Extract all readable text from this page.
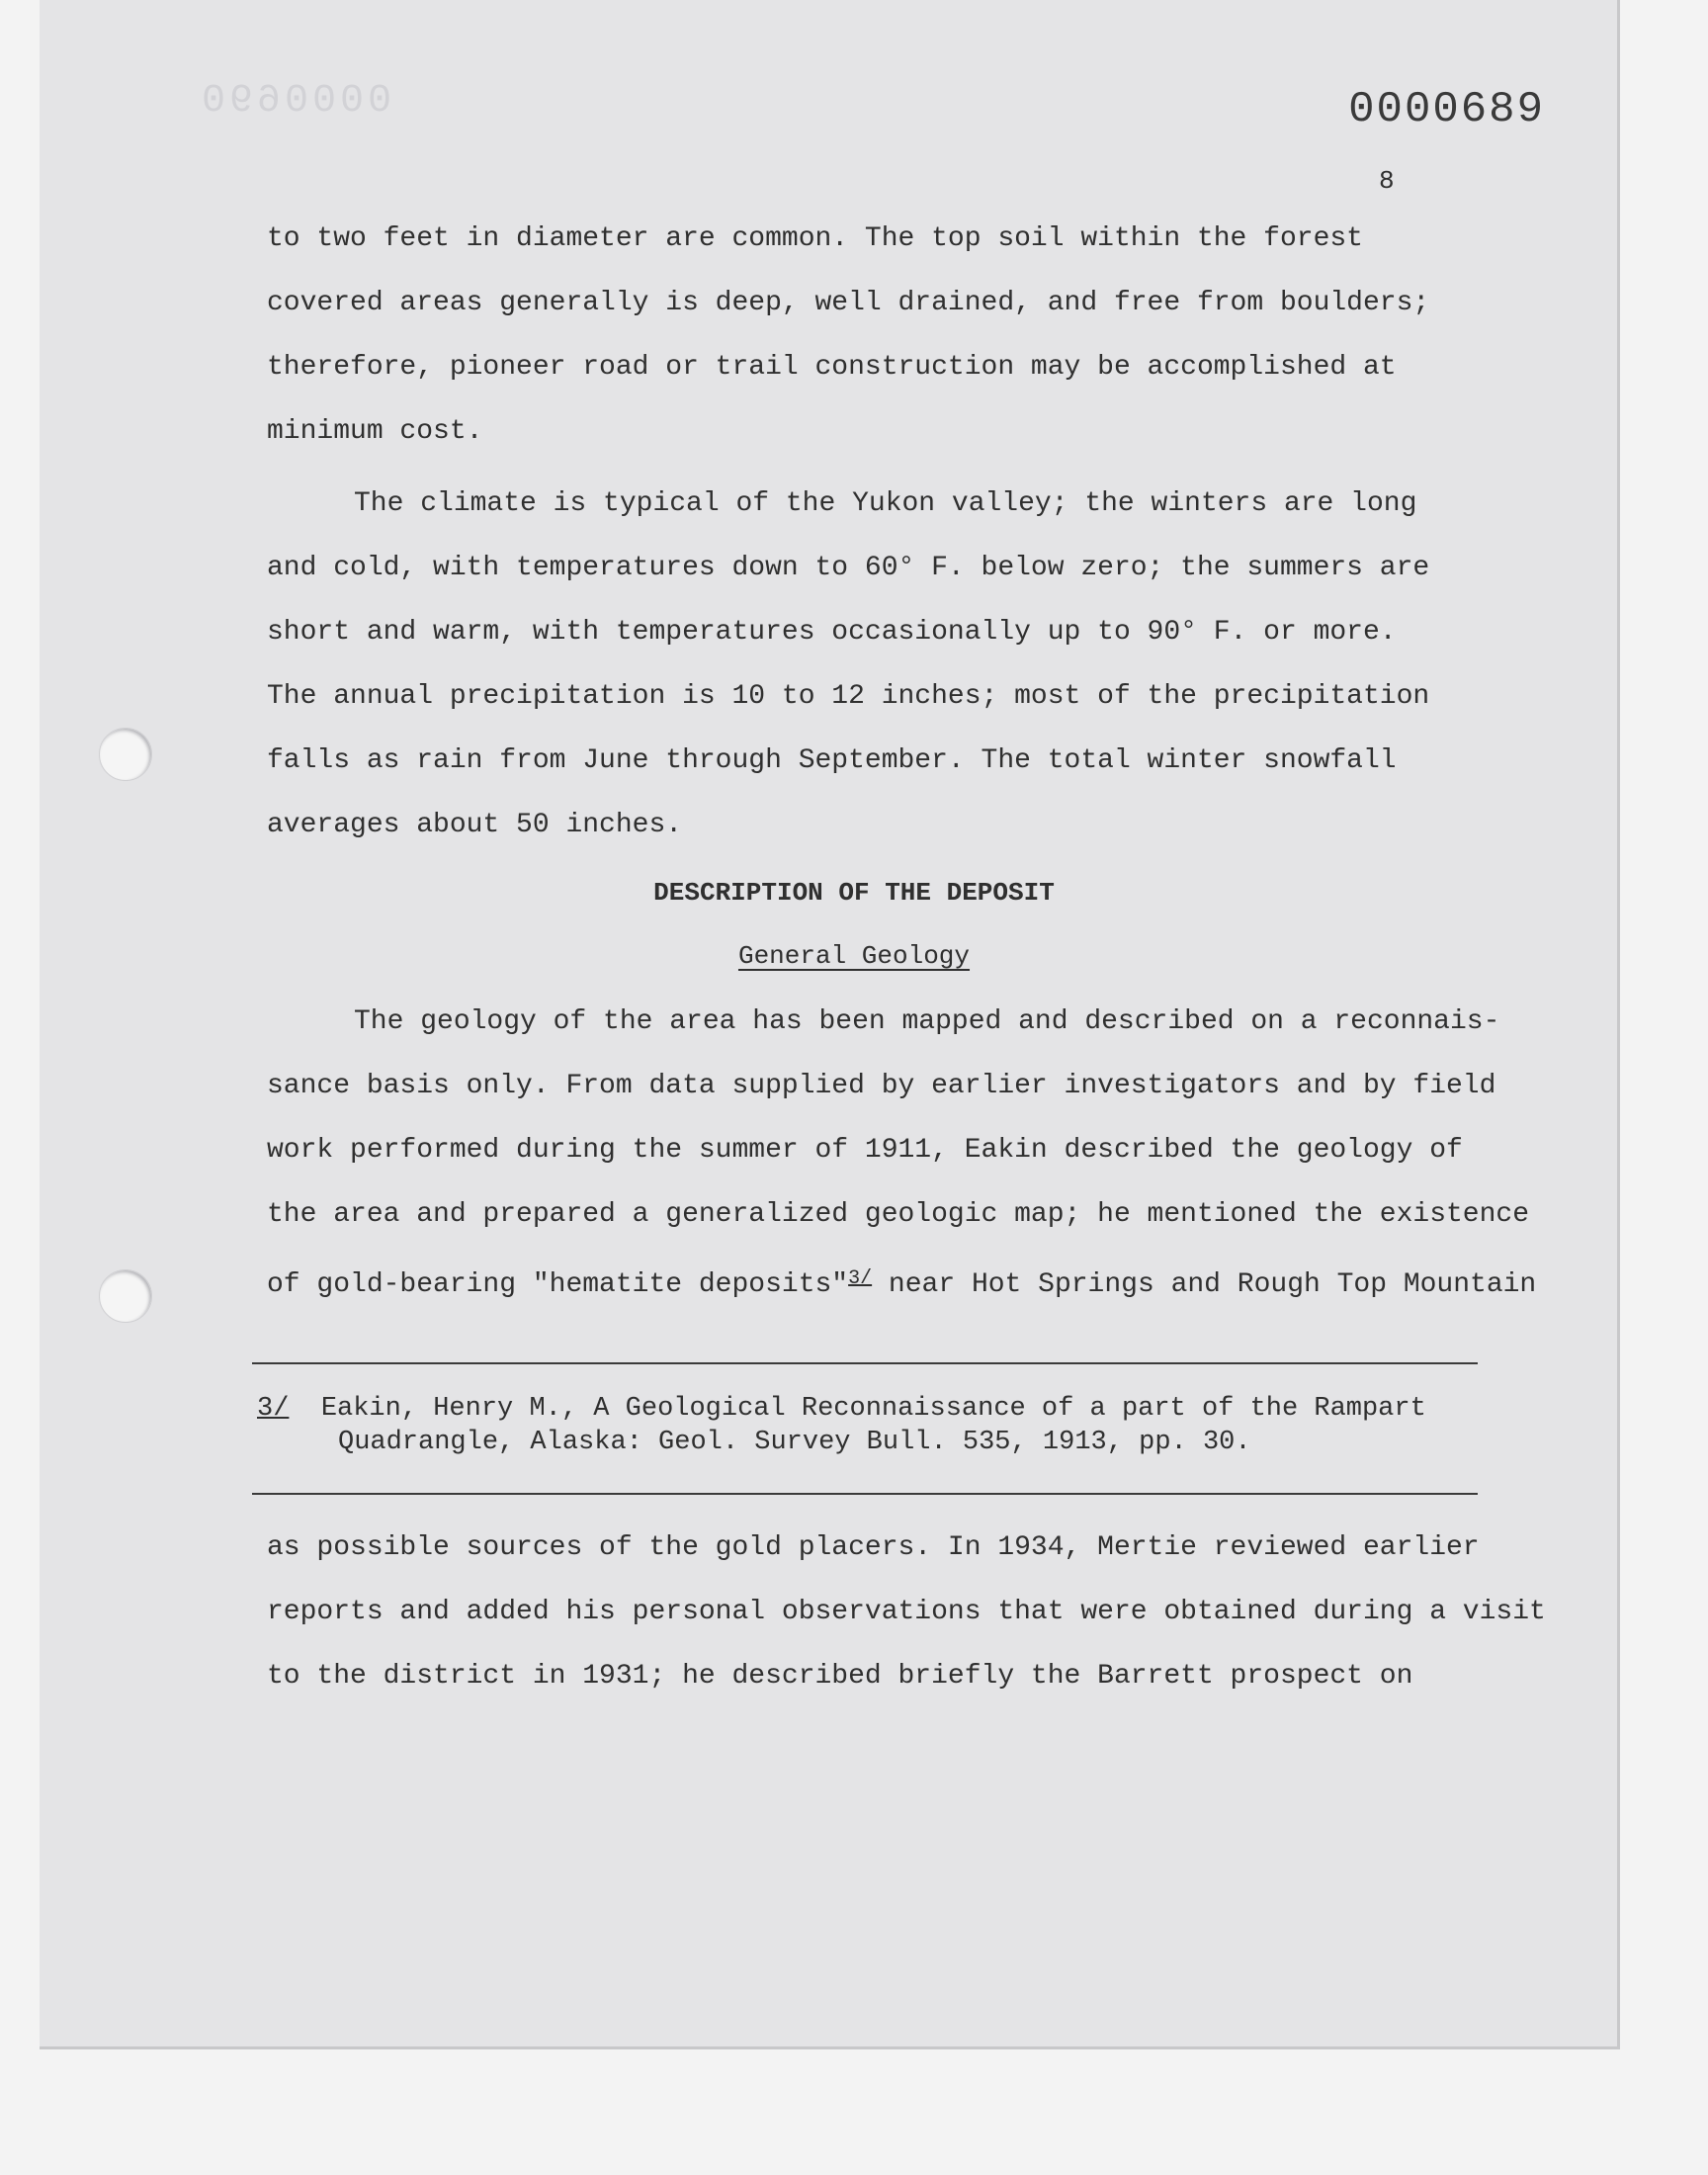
0000690	0000689
8
to two feet in diameter are common. The top soil within the forest
covered areas generally is deep, well drained, and free from boulders;
therefore, pioneer road or trail construction may be accomplished at
minimum cost.
The climate is typical of the Yukon valley; the winters are long
and cold, with temperatures down to 60° F. below zero; the summers are
short and warm, with temperatures occasionally up to 90° F. or more.
The annual precipitation is 10 to 12 inches; most of the precipitation
falls as rain from June through September. The total winter snowfall
averages about 50 inches.
DESCRIPTION OF THE DEPOSIT
General Geology
The geology of the area has been mapped and described on a reconnais-
sance basis only. From data supplied by earlier investigators and by field
work performed during the summer of 1911, Eakin described the geology of
the area and prepared a generalized geologic map; he mentioned the existence
of gold-bearing "hematite deposits"$^{3/}$ near Hot Springs and Rough Top Mountain
3/ Eakin, Henry M., A Geological Reconnaissance of a part of the Rampart
Quadrangle, Alaska: Geol. Survey Bull. 535, 1913, pp. 30.
as possible sources of the gold placers. In 1934, Mertie reviewed earlier
reports and added his personal observations that were obtained during a visit
to the district in 1931; he described briefly the Barrett prospect on
